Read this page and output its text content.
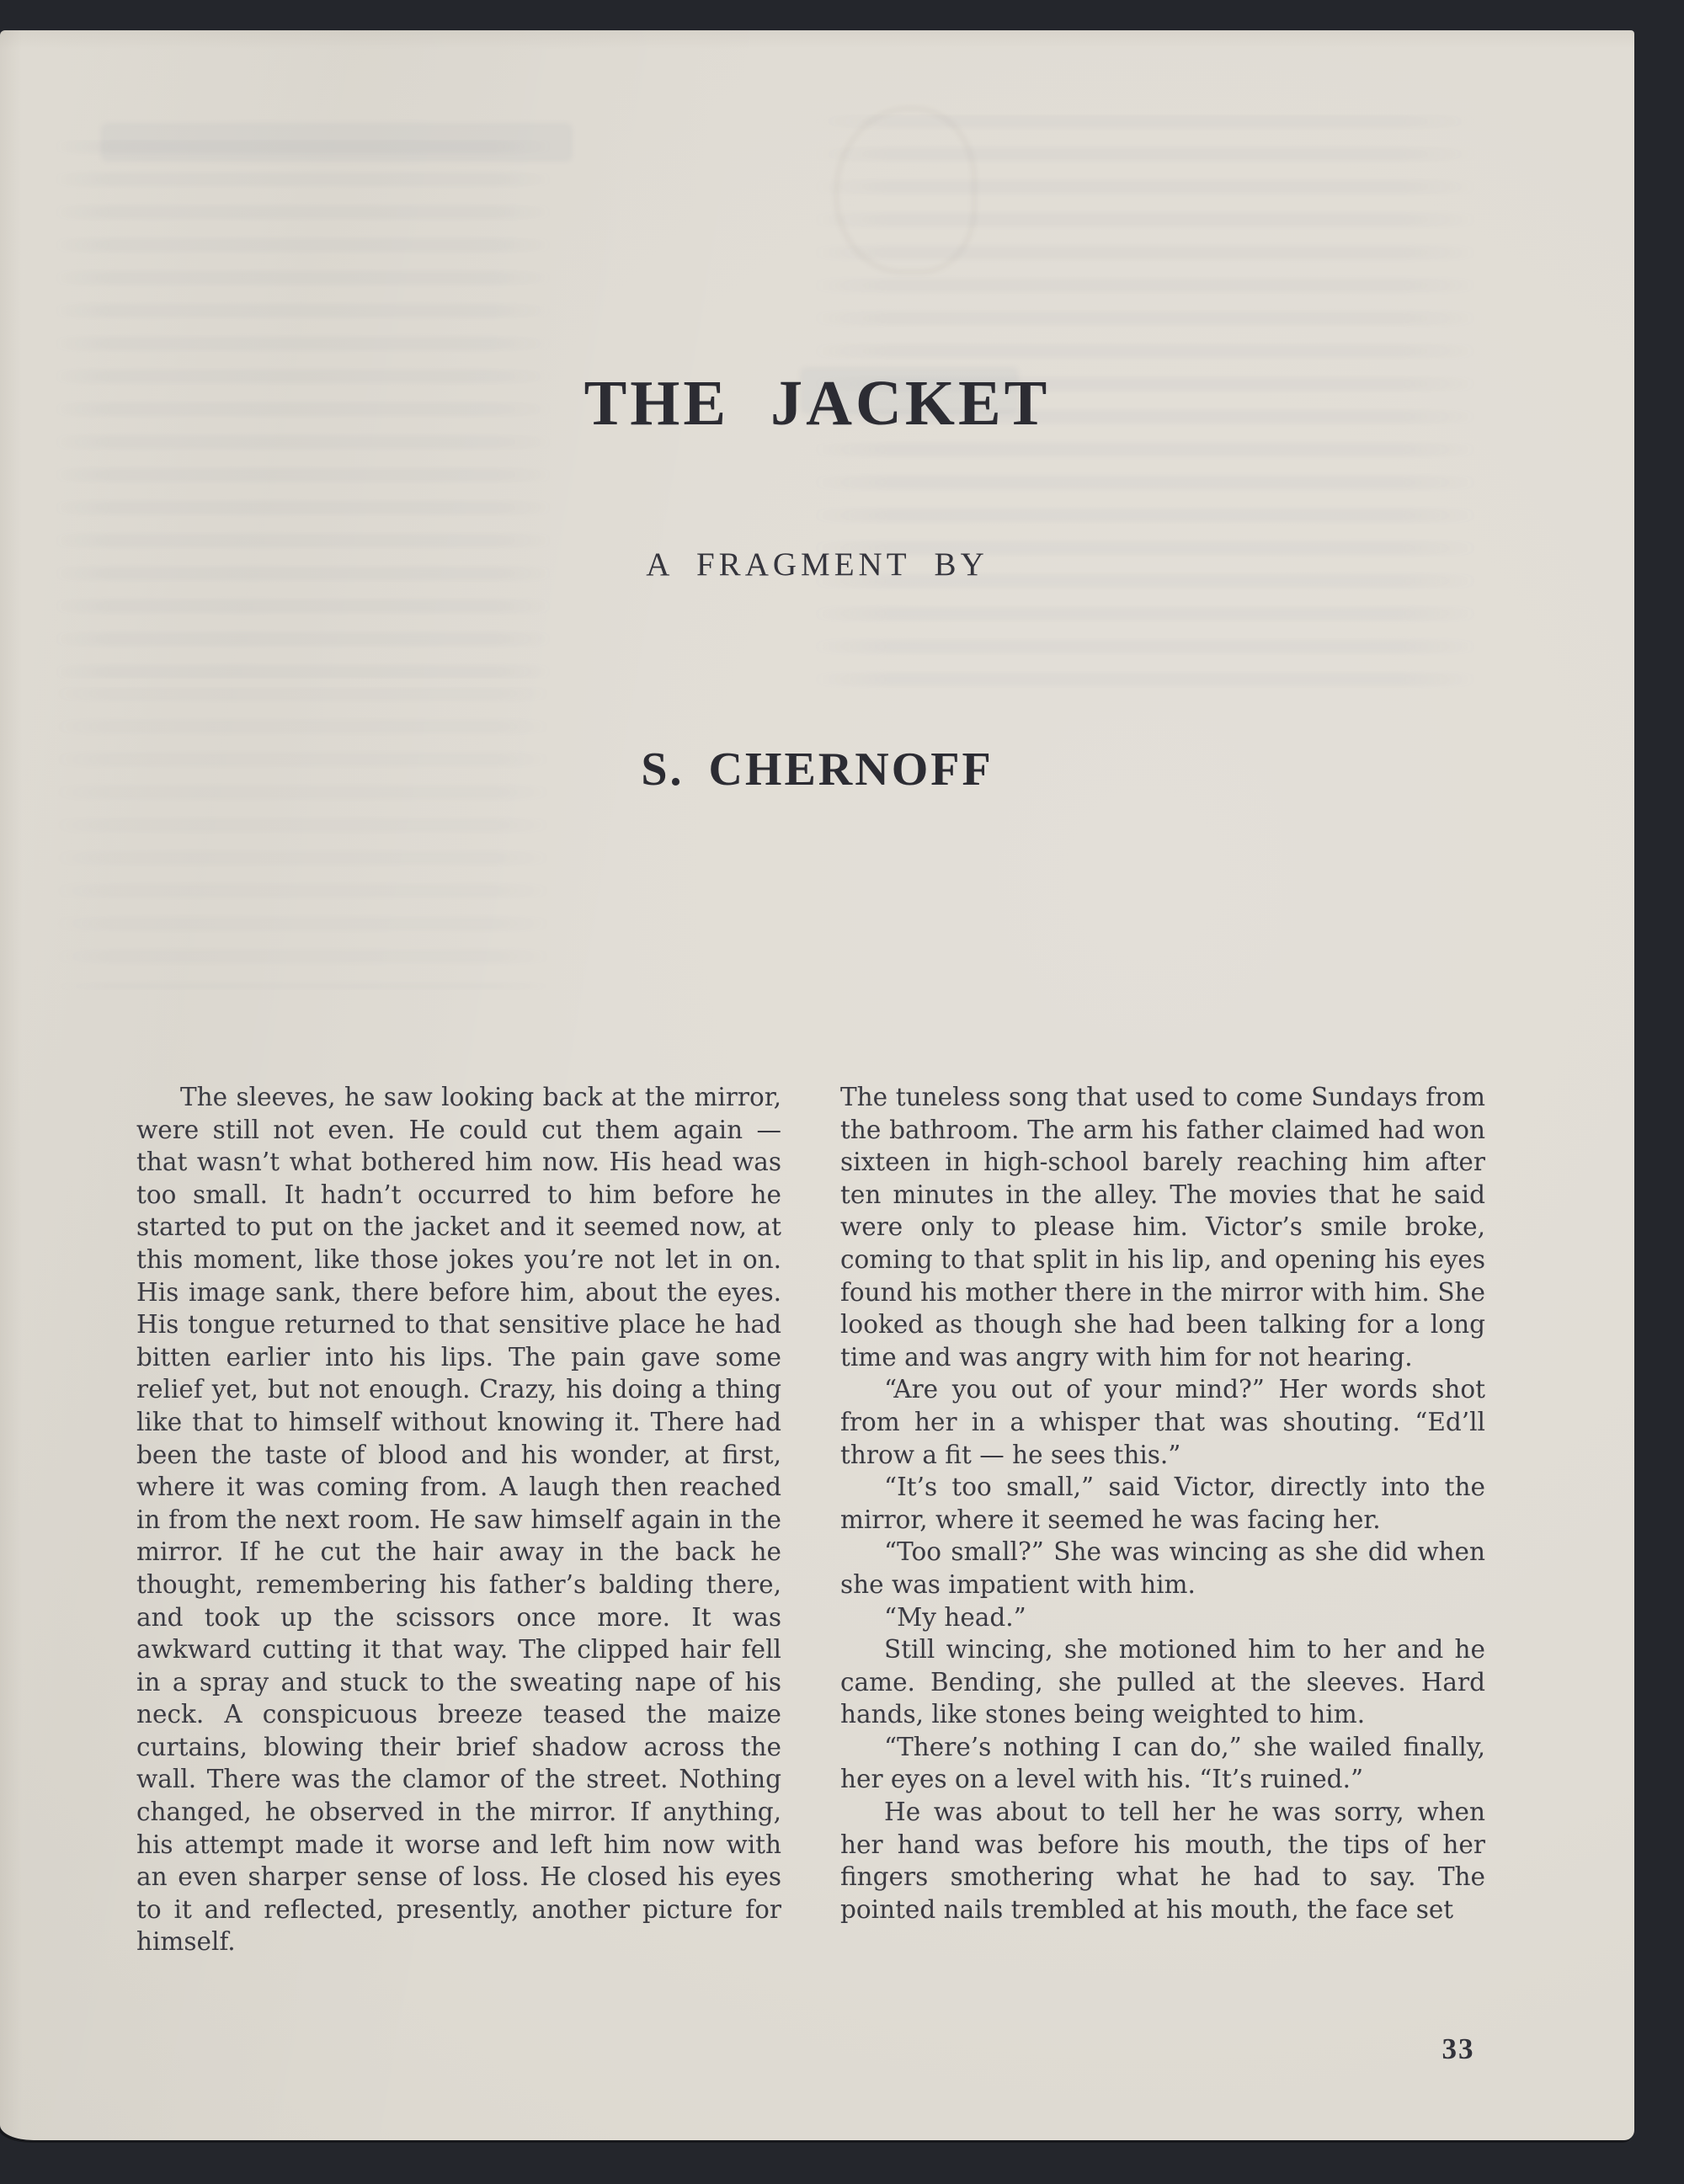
THE JACKET
A FRAGMENT BY
S. CHERNOFF

The sleeves, he saw looking back at the mirror, were still not even. He could cut them again — that wasn’t what bothered him now. His head was too small. It hadn’t occurred to him before he started to put on the jacket and it seemed now, at this moment, like those jokes you’re not let in on. His image sank, there before him, about the eyes. His tongue returned to that sensitive place he had bitten earlier into his lips. The pain gave some relief yet, but not enough. Crazy, his doing a thing like that to himself without knowing it. There had been the taste of blood and his wonder, at first, where it was coming from. A laugh then reached in from the next room. He saw himself again in the mirror. If he cut the hair away in the back he thought, remembering his father’s balding there, and took up the scissors once more. It was awkward cutting it that way. The clipped hair fell in a spray and stuck to the sweating nape of his neck. A conspicuous breeze teased the maize curtains, blowing their brief shadow across the wall. There was the clamor of the street. Nothing changed, he observed in the mirror. If anything, his attempt made it worse and left him now with an even sharper sense of loss. He closed his eyes to it and reflected, presently, another picture for himself.

The tuneless song that used to come Sundays from the bathroom. The arm his father claimed had won sixteen in high-school barely reaching him after ten minutes in the alley. The movies that he said were only to please him. Victor’s smile broke, coming to that split in his lip, and opening his eyes found his mother there in the mirror with him. She looked as though she had been talking for a long time and was angry with him for not hearing.

“Are you out of your mind?” Her words shot from her in a whisper that was shouting. “Ed’ll throw a fit — he sees this.”

“It’s too small,” said Victor, directly into the mirror, where it seemed he was facing her.

“Too small?” She was wincing as she did when she was impatient with him.

“My head.”

Still wincing, she motioned him to her and he came. Bending, she pulled at the sleeves. Hard hands, like stones being weighted to him.

“There’s nothing I can do,” she wailed finally, her eyes on a level with his. “It’s ruined.”

He was about to tell her he was sorry, when her hand was before his mouth, the tips of her fingers smothering what he had to say. The pointed nails trembled at his mouth, the face set

33
